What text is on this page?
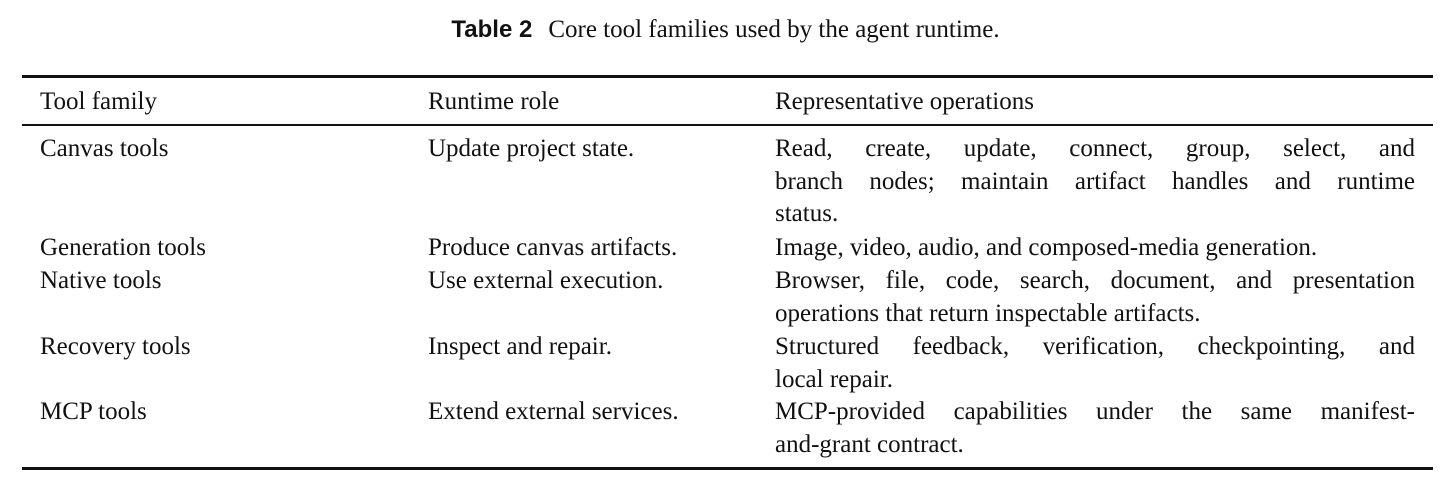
Table 2 Core tool families used by the agent runtime.
Tool family	Runtime role	Representative operations
Canvas tools	Update project state.	Read, create, update, connect, group, select, and
branch nodes; maintain artifact handles and runtime
status.
Generation tools	Produce canvas artifacts.	Image, video, audio, and composed-media generation.
Native tools	Use external execution.	Browser, file, code, search, document, and presentation
operations that return inspectable artifacts.
Recovery tools	Inspect and repair.	Structured feedback, verification, checkpointing, and
local repair.
MCP tools	Extend external services.	MCP-provided capabilities under the same manifest-
and-grant contract.
